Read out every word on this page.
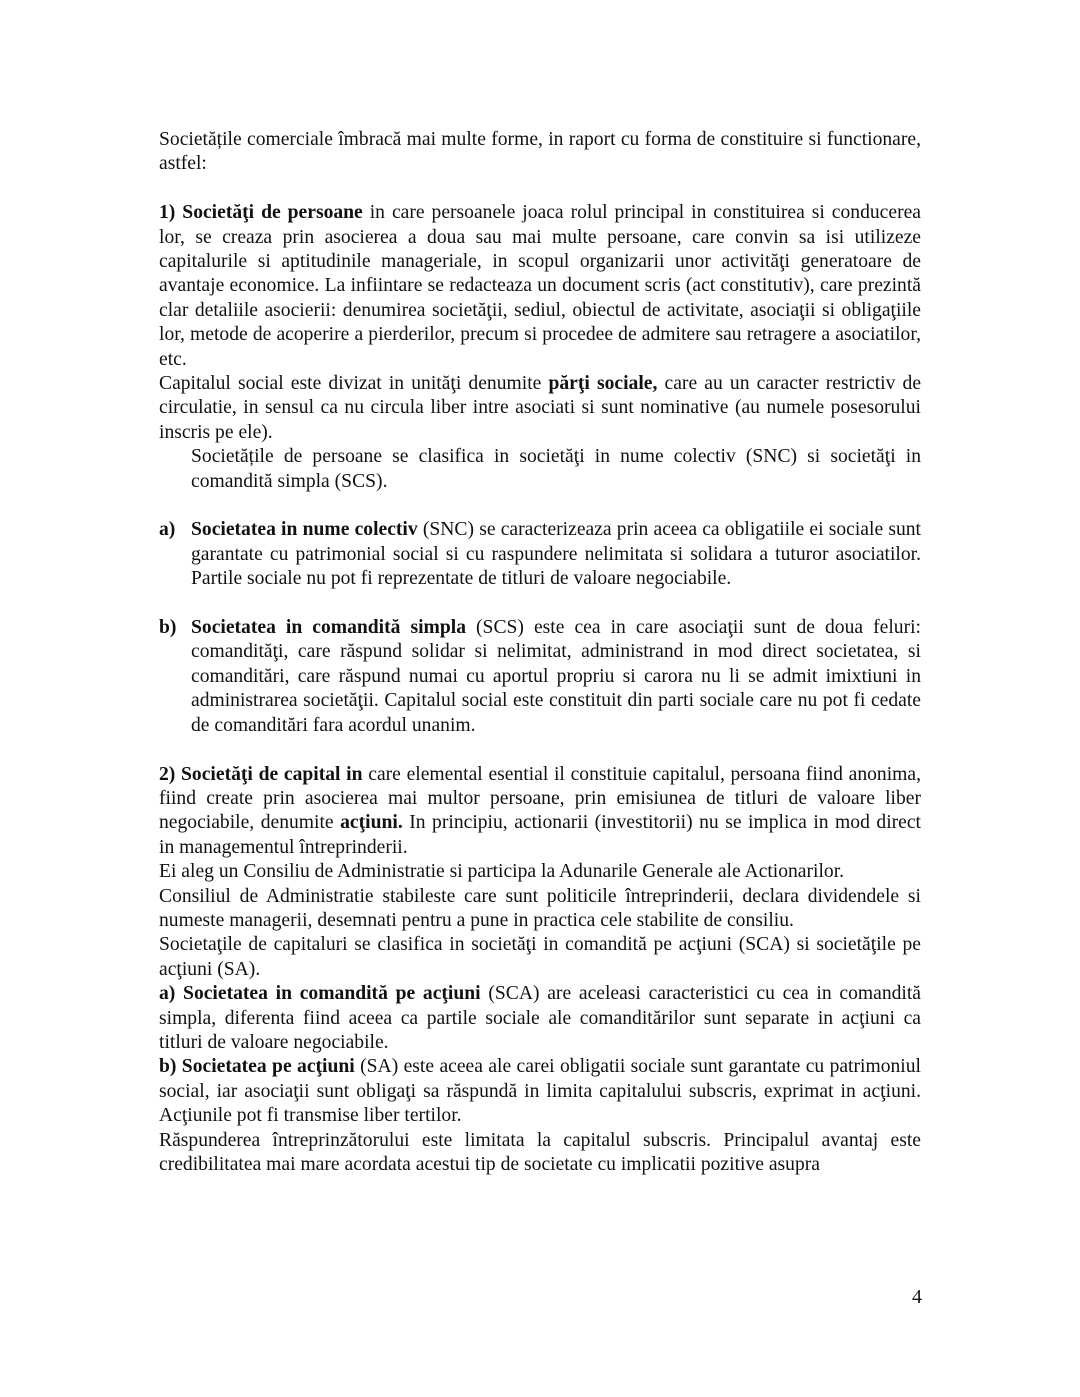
Societățile comerciale îmbracă mai multe forme, in raport cu forma de constituire si functionare, astfel:

1) Societăţi de persoane in care persoanele joaca rolul principal in constituirea si conducerea lor, se creaza prin asocierea a doua sau mai multe persoane, care convin sa isi utilizeze capitalurile si aptitudinile manageriale, in scopul organizarii unor activităţi generatoare de avantaje economice. La infiintare se redacteaza un document scris (act constitutiv), care prezintă clar detaliile asocierii: denumirea societăţii, sediul, obiectul de activitate, asociaţii si obligaţiile lor, metode de acoperire a pierderilor, precum si procedee de admitere sau retragere a asociatilor, etc.

Capitalul social este divizat in unităţi denumite părţi sociale, care au un caracter restrictiv de circulatie, in sensul ca nu circula liber intre asociati si sunt nominative (au numele posesorului inscris pe ele).

Societățile de persoane se clasifica in societăţi in nume colectiv (SNC) si societăţi in comandită simpla (SCS).

a) Societatea in nume colectiv (SNC) se caracterizeaza prin aceea ca obligatiile ei sociale sunt garantate cu patrimonial social si cu raspundere nelimitata si solidara a tuturor asociatilor. Partile sociale nu pot fi reprezentate de titluri de valoare negociabile.

b) Societatea in comandită simpla (SCS) este cea in care asociaţii sunt de doua feluri: comandităţi, care răspund solidar si nelimitat, administrand in mod direct societatea, si comanditări, care răspund numai cu aportul propriu si carora nu li se admit imixtiuni in administrarea societăţii. Capitalul social este constituit din parti sociale care nu pot fi cedate de comanditări fara acordul unanim.

2) Societăţi de capital in care elemental esential il constituie capitalul, persoana fiind anonima, fiind create prin asocierea mai multor persoane, prin emisiunea de titluri de valoare liber negociabile, denumite acţiuni. In principiu, actionarii (investitorii) nu se implica in mod direct in managementul întreprinderii.

Ei aleg un Consiliu de Administratie si participa la Adunarile Generale ale Actionarilor.

Consiliul de Administratie stabileste care sunt politicile întreprinderii, declara dividendele si numeste managerii, desemnati pentru a pune in practica cele stabilite de consiliu.

Societaţile de capitaluri se clasifica in societăţi in comandită pe acţiuni (SCA) si societăţile pe acţiuni (SA).

a) Societatea in comandită pe acţiuni (SCA) are aceleasi caracteristici cu cea in comandită simpla, diferenta fiind aceea ca partile sociale ale comanditărilor sunt separate in acţiuni ca titluri de valoare negociabile.

b) Societatea pe acţiuni (SA) este aceea ale carei obligatii sociale sunt garantate cu patrimoniul social, iar asociaţii sunt obligaţi sa răspundă in limita capitalului subscris, exprimat in acţiuni. Acţiunile pot fi transmise liber tertilor.

Răspunderea întreprinzătorului este limitata la capitalul subscris. Principalul avantaj este credibilitatea mai mare acordata acestui tip de societate cu implicatii pozitive asupra

4
